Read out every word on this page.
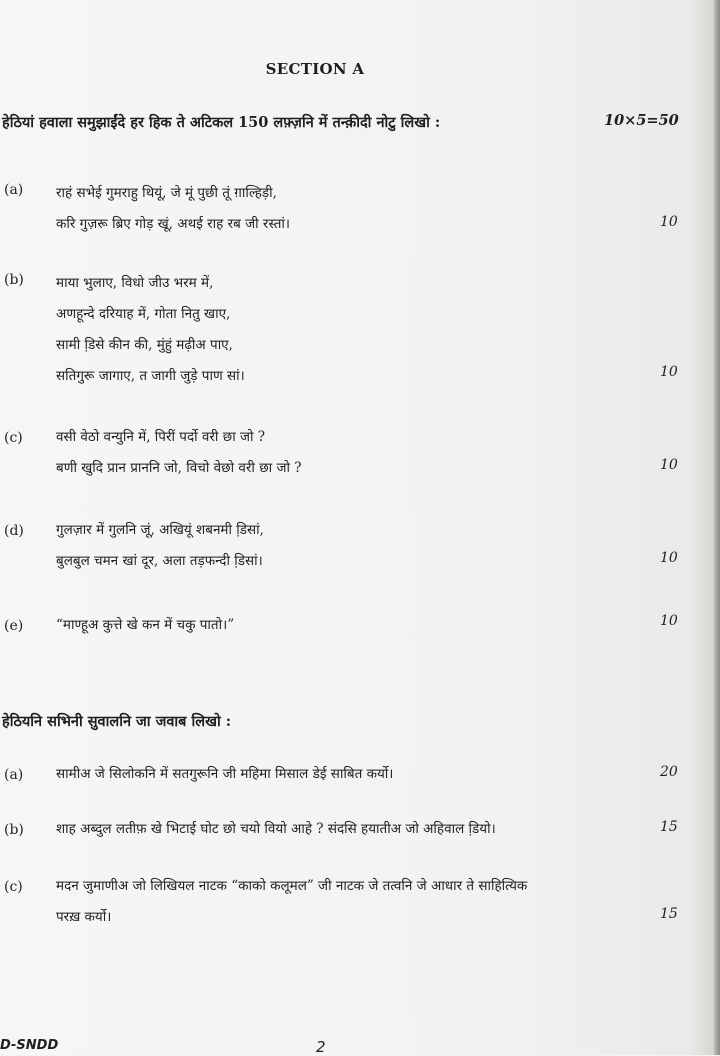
SECTION A
हेठियां हवाला समुझाईंदे हर हिक ते अटिकल 150 लफ़्ज़नि में तन्क़ीदी नोटु लिखो :	10×5=50
(a) राहं सभेई गुमराहु थियूं, जे मूं पुछी तूं ग़ाल्हिड़ी,
करि गुज़रू ब्रिए गोड़ खूं, अथई राह रब जी रस्तां।	10
(b) माया भुलाए, विधो जीउ भरम में,
अणहून्दे दरियाह में, गोता नितु खाए,
सामी डि़से कीन की, मुंहुं मढ़ीअ पाए,
सतिगुरू जागाए, त जागी जुड़े पाण सां।	10
(c) वसी वेठो वन्युनि में, पिरीं पर्दो वरी छा जो ?
बणी खुदि प्रान प्राननि जो, विचो वेछो वरी छा जो ?	10
(d) गुलज़ार में गुलनि जूं, अखियूं शबनमी डि़सां,
बुलबुल चमन खां दूर, अला तड़फन्दी डि़सां।	10
(e) “माण्हूअ कुत्ते खे कन में चकु पातो।”	10
हेठियनि सभिनी सुवालनि जा जवाब लिखो :
(a) सामीअ जे सिलोकनि में सतगुरूनि जी महिमा मिसाल डेई साबित कर्यो।	20
(b) शाह अब्दुल लतीफ़ खे भिटाई घोट छो चयो वियो आहे ? संदसि हयातीअ जो अहिवाल डि़यो।	15
(c) मदन जुमाणीअ जो लिखियल नाटक “काको कलूमल” जी नाटक जे तत्वनि जे आधार ते साहित्यिक
परख़ कर्यो।	15
D-SNDD	2
